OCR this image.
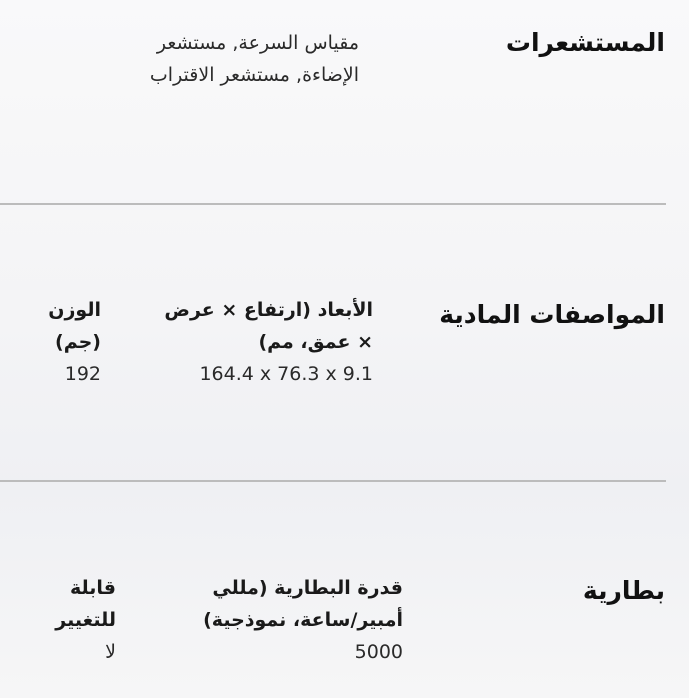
المستشعرات
مقياس السرعة, مستشعر الإضاءة, مستشعر الاقتراب
المواصفات المادية
الأبعاد (ارتفاع × عرض × عمق، مم)
164.4 x 76.3 x 9.1
الوزن (جم)
192
بطارية
قدرة البطارية (مللي أمبير/ساعة، نموذجية)
5000
قابلة للتغيير
لا
